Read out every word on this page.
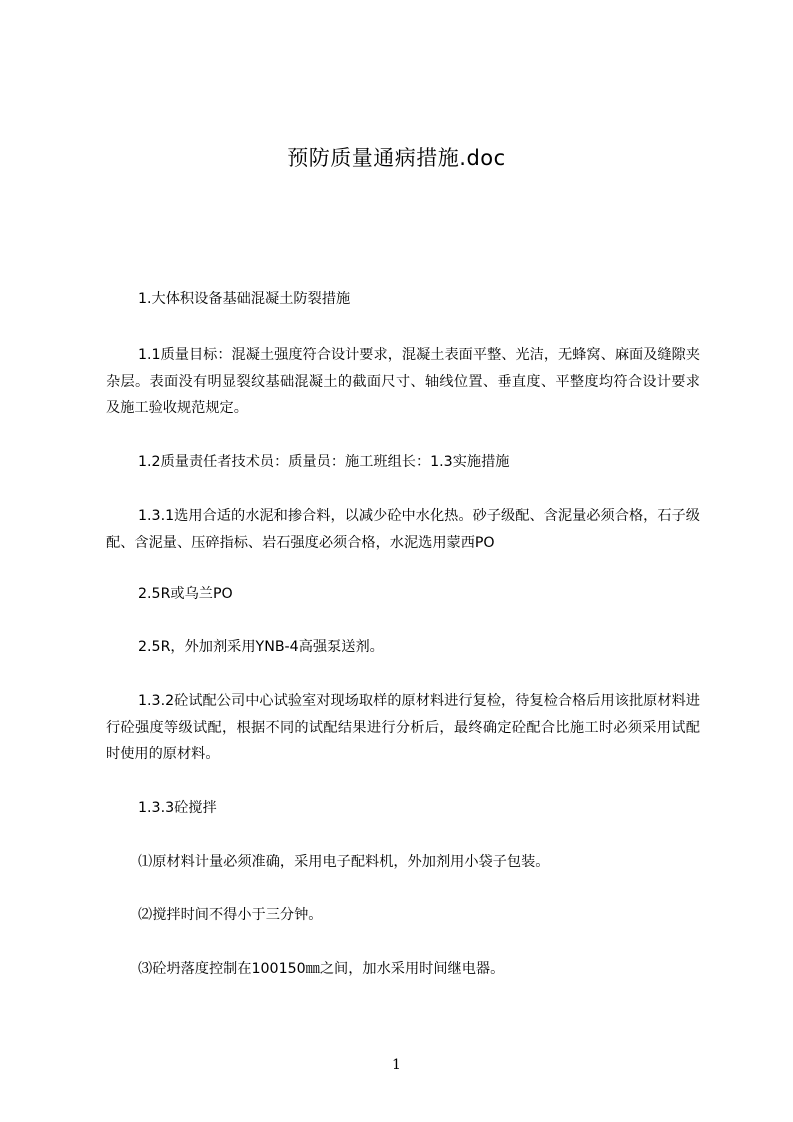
预防质量通病措施.doc
1.大体积设备基础混凝土防裂措施
1.1质量目标：混凝土强度符合设计要求，混凝土表面平整、光洁，无蜂窝、麻面及缝隙夹杂层。表面没有明显裂纹基础混凝土的截面尺寸、轴线位置、垂直度、平整度均符合设计要求及施工验收规范规定。
1.2质量责任者技术员：质量员：施工班组长：1.3实施措施
1.3.1选用合适的水泥和掺合料，以减少砼中水化热。砂子级配、含泥量必须合格，石子级配、含泥量、压碎指标、岩石强度必须合格，水泥选用蒙西PO
2.5R或乌兰PO
2.5R，外加剂采用YNB-4高强泵送剂。
1.3.2砼试配公司中心试验室对现场取样的原材料进行复检，待复检合格后用该批原材料进行砼强度等级试配，根据不同的试配结果进行分析后，最终确定砼配合比施工时必须采用试配时使用的原材料。
1.3.3砼搅拌
⑴原材料计量必须准确，采用电子配料机，外加剂用小袋子包装。
⑵搅拌时间不得小于三分钟。
⑶砼坍落度控制在100150㎜之间，加水采用时间继电器。
1
